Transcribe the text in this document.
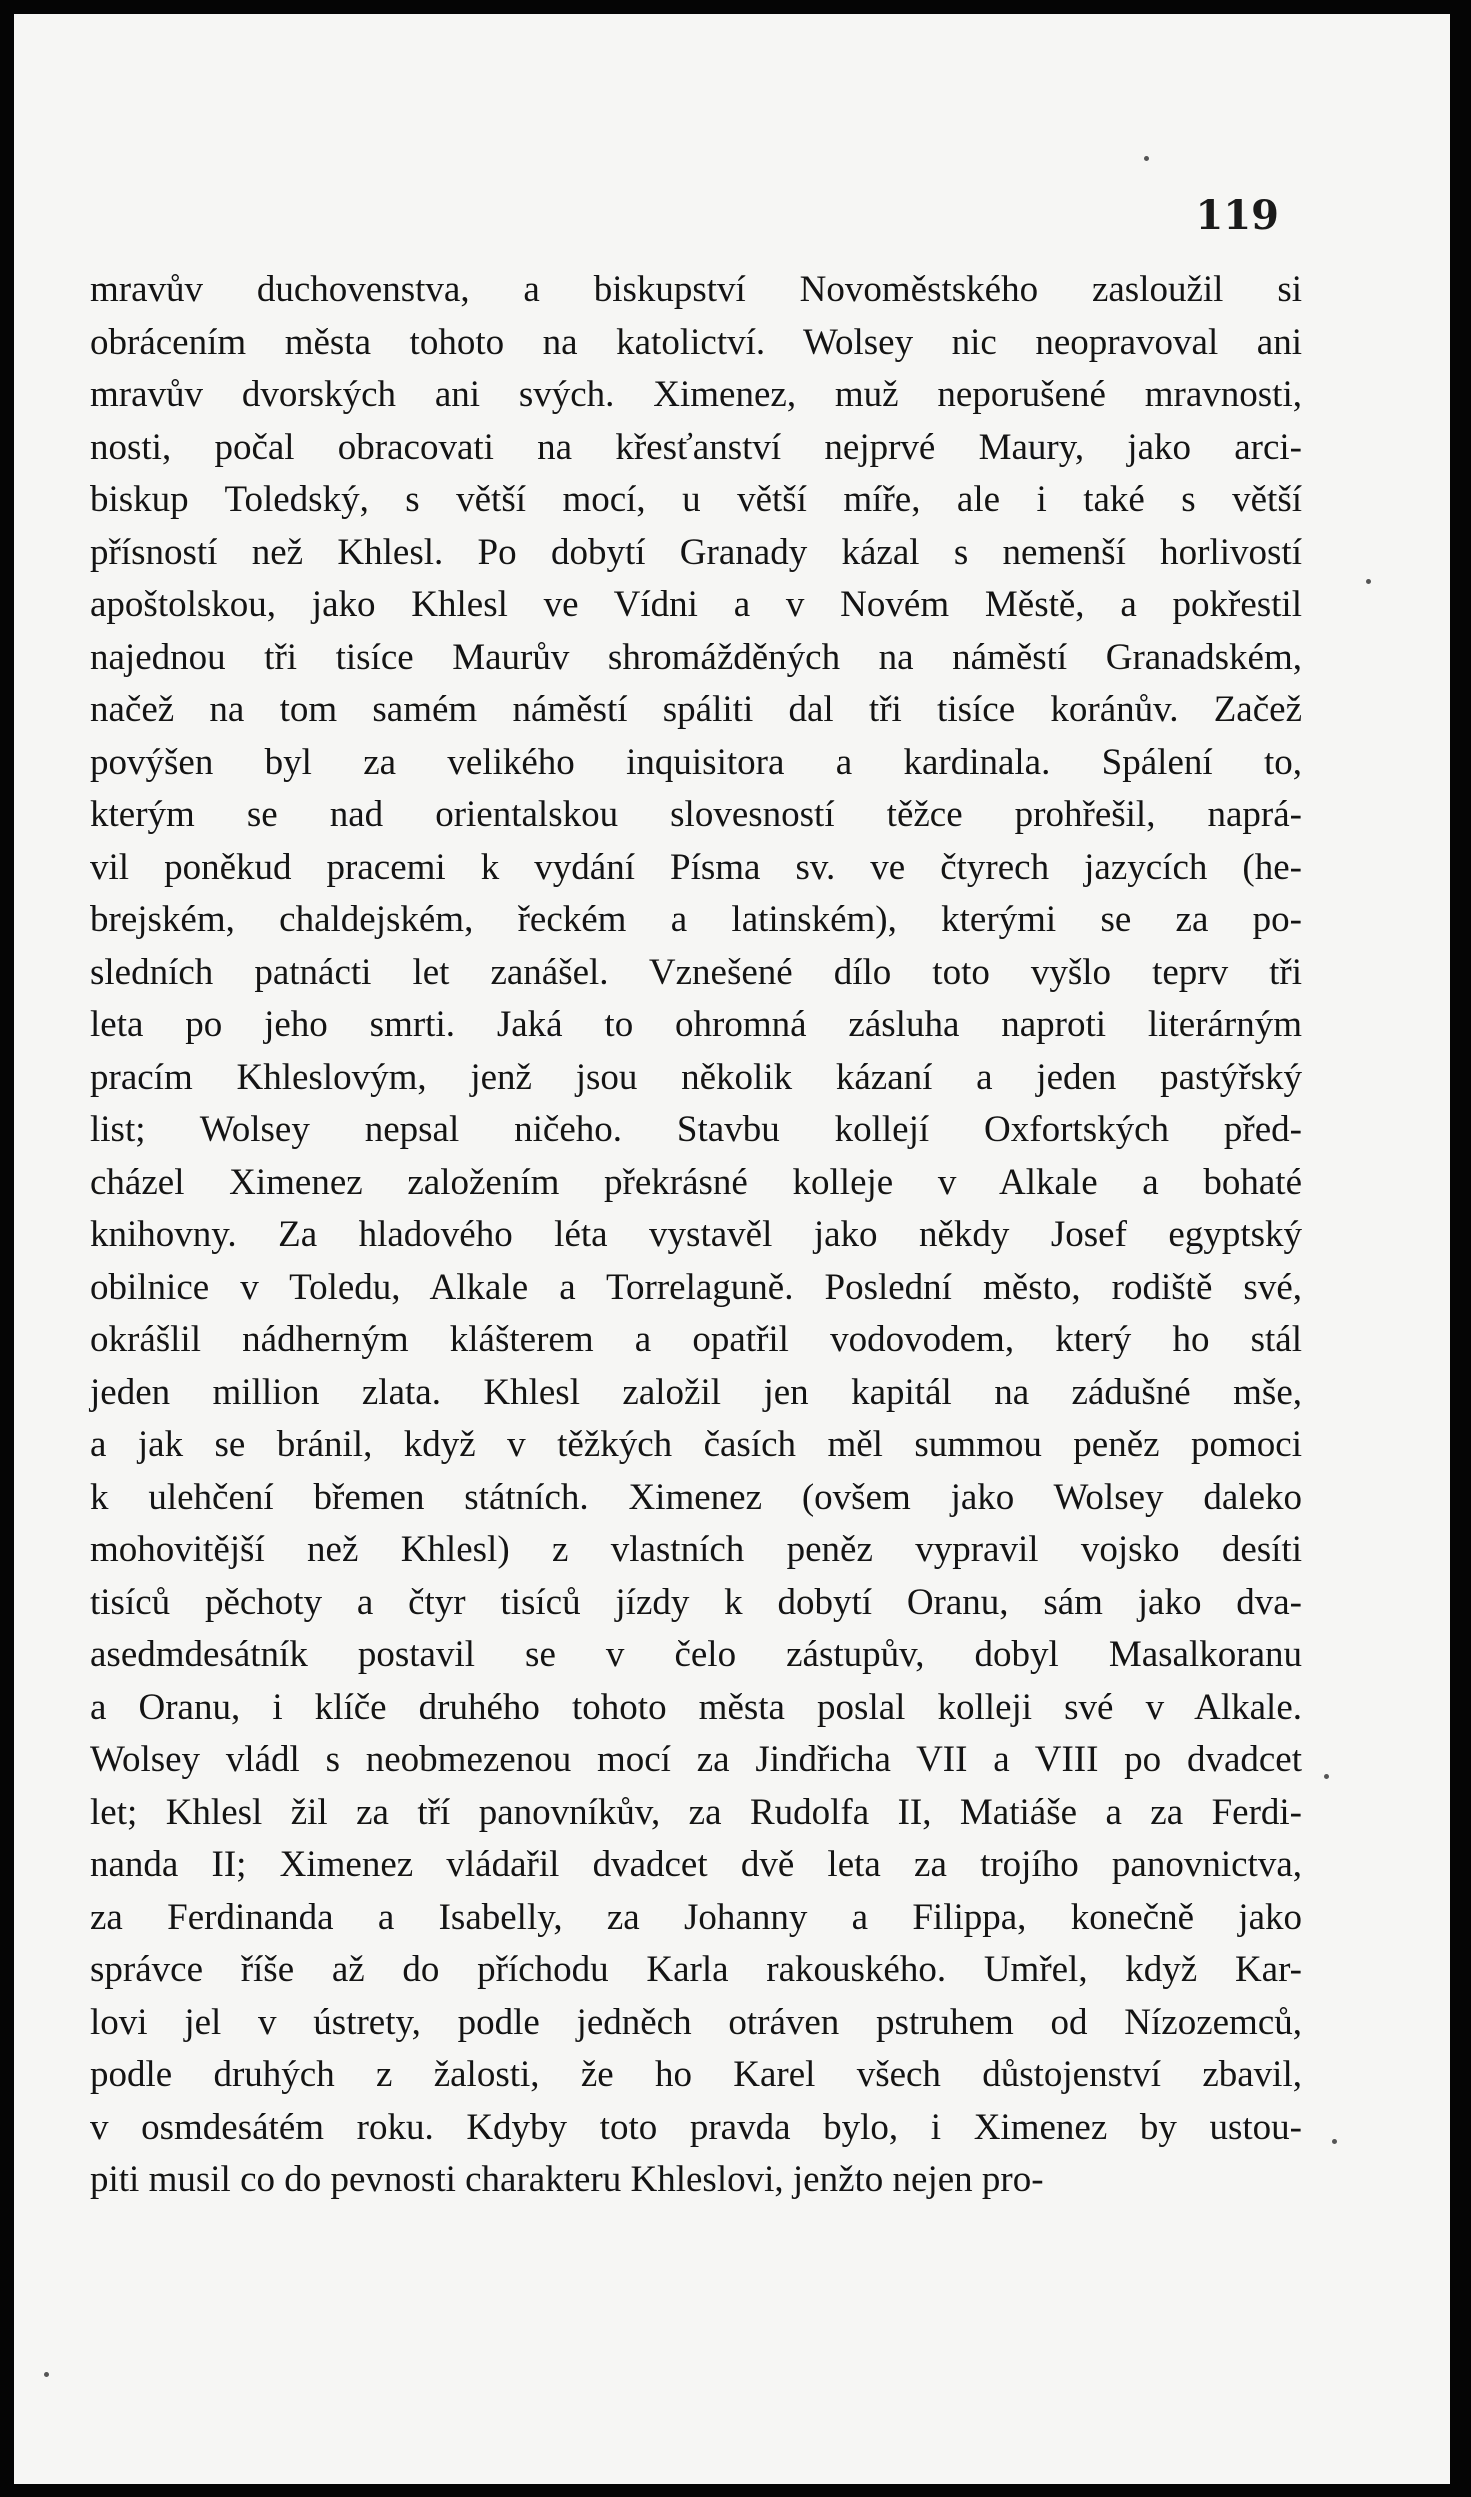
119

mravův duchovenstva, a biskupství Novoměstského zasloužil si
obrácením města tohoto na katolictví. Wolsey nic neopravoval ani
mravův dvorských ani svých. Ximenez, muž neporušené mravnosti,
nosti, počal obracovati na křesťanství nejprvé Maury, jako arci-
biskup Toledský, s větší mocí, u větší míře, ale i také s větší
přísností než Khlesl. Po dobytí Granady kázal s nemenší horlivostí
apoštolskou, jako Khlesl ve Vídni a v Novém Městě, a pokřestil
najednou tři tisíce Maurův shromážděných na náměstí Granadském,
načež na tom samém náměstí spáliti dal tři tisíce koránův. Začež
povýšen byl za velikého inquisitora a kardinala. Spálení to,
kterým se nad orientalskou slovesností těžce prohřešil, naprá-
vil poněkud pracemi k vydání Písma sv. ve čtyrech jazycích (he-
brejském, chaldejském, řeckém a latinském), kterými se za po-
sledních patnácti let zanášel. Vznešené dílo toto vyšlo teprv tři
leta po jeho smrti. Jaká to ohromná zásluha naproti literárným
pracím Khleslovým, jenž jsou několik kázaní a jeden pastýřský
list; Wolsey nepsal ničeho. Stavbu kollejí Oxfortských před-
cházel Ximenez založením překrásné kolleje v Alkale a bohaté
knihovny. Za hladového léta vystavěl jako někdy Josef egyptský
obilnice v Toledu, Alkale a Torrelaguně. Poslední město, rodiště své,
okrášlil nádherným klášterem a opatřil vodovodem, který ho stál
jeden million zlata. Khlesl založil jen kapitál na zádušné mše,
a jak se bránil, když v těžkých časích měl summou peněz pomoci
k ulehčení břemen státních. Ximenez (ovšem jako Wolsey daleko
mohovitější než Khlesl) z vlastních peněz vypravil vojsko desíti
tisíců pěchoty a čtyr tisíců jízdy k dobytí Oranu, sám jako dva-
asedmdesátník postavil se v čelo zástupův, dobyl Masalkoranu
a Oranu, i klíče druhého tohoto města poslal kolleji své v Alkale.
Wolsey vládl s neobmezenou mocí za Jindřicha VII a VIII po dvadcet
let; Khlesl žil za tří panovníkův, za Rudolfa II, Matiáše a za Ferdi-
nanda II; Ximenez vládařil dvadcet dvě leta za trojího panovnictva,
za Ferdinanda a Isabelly, za Johanny a Filippa, konečně jako
správce říše až do příchodu Karla rakouského. Umřel, když Kar-
lovi jel v ústrety, podle jedněch otráven pstruhem od Nízozemců,
podle druhých z žalosti, že ho Karel všech důstojenství zbavil,
v osmdesátém roku. Kdyby toto pravda bylo, i Ximenez by ustou-
piti musil co do pevnosti charakteru Khleslovi, jenžto nejen pro-
